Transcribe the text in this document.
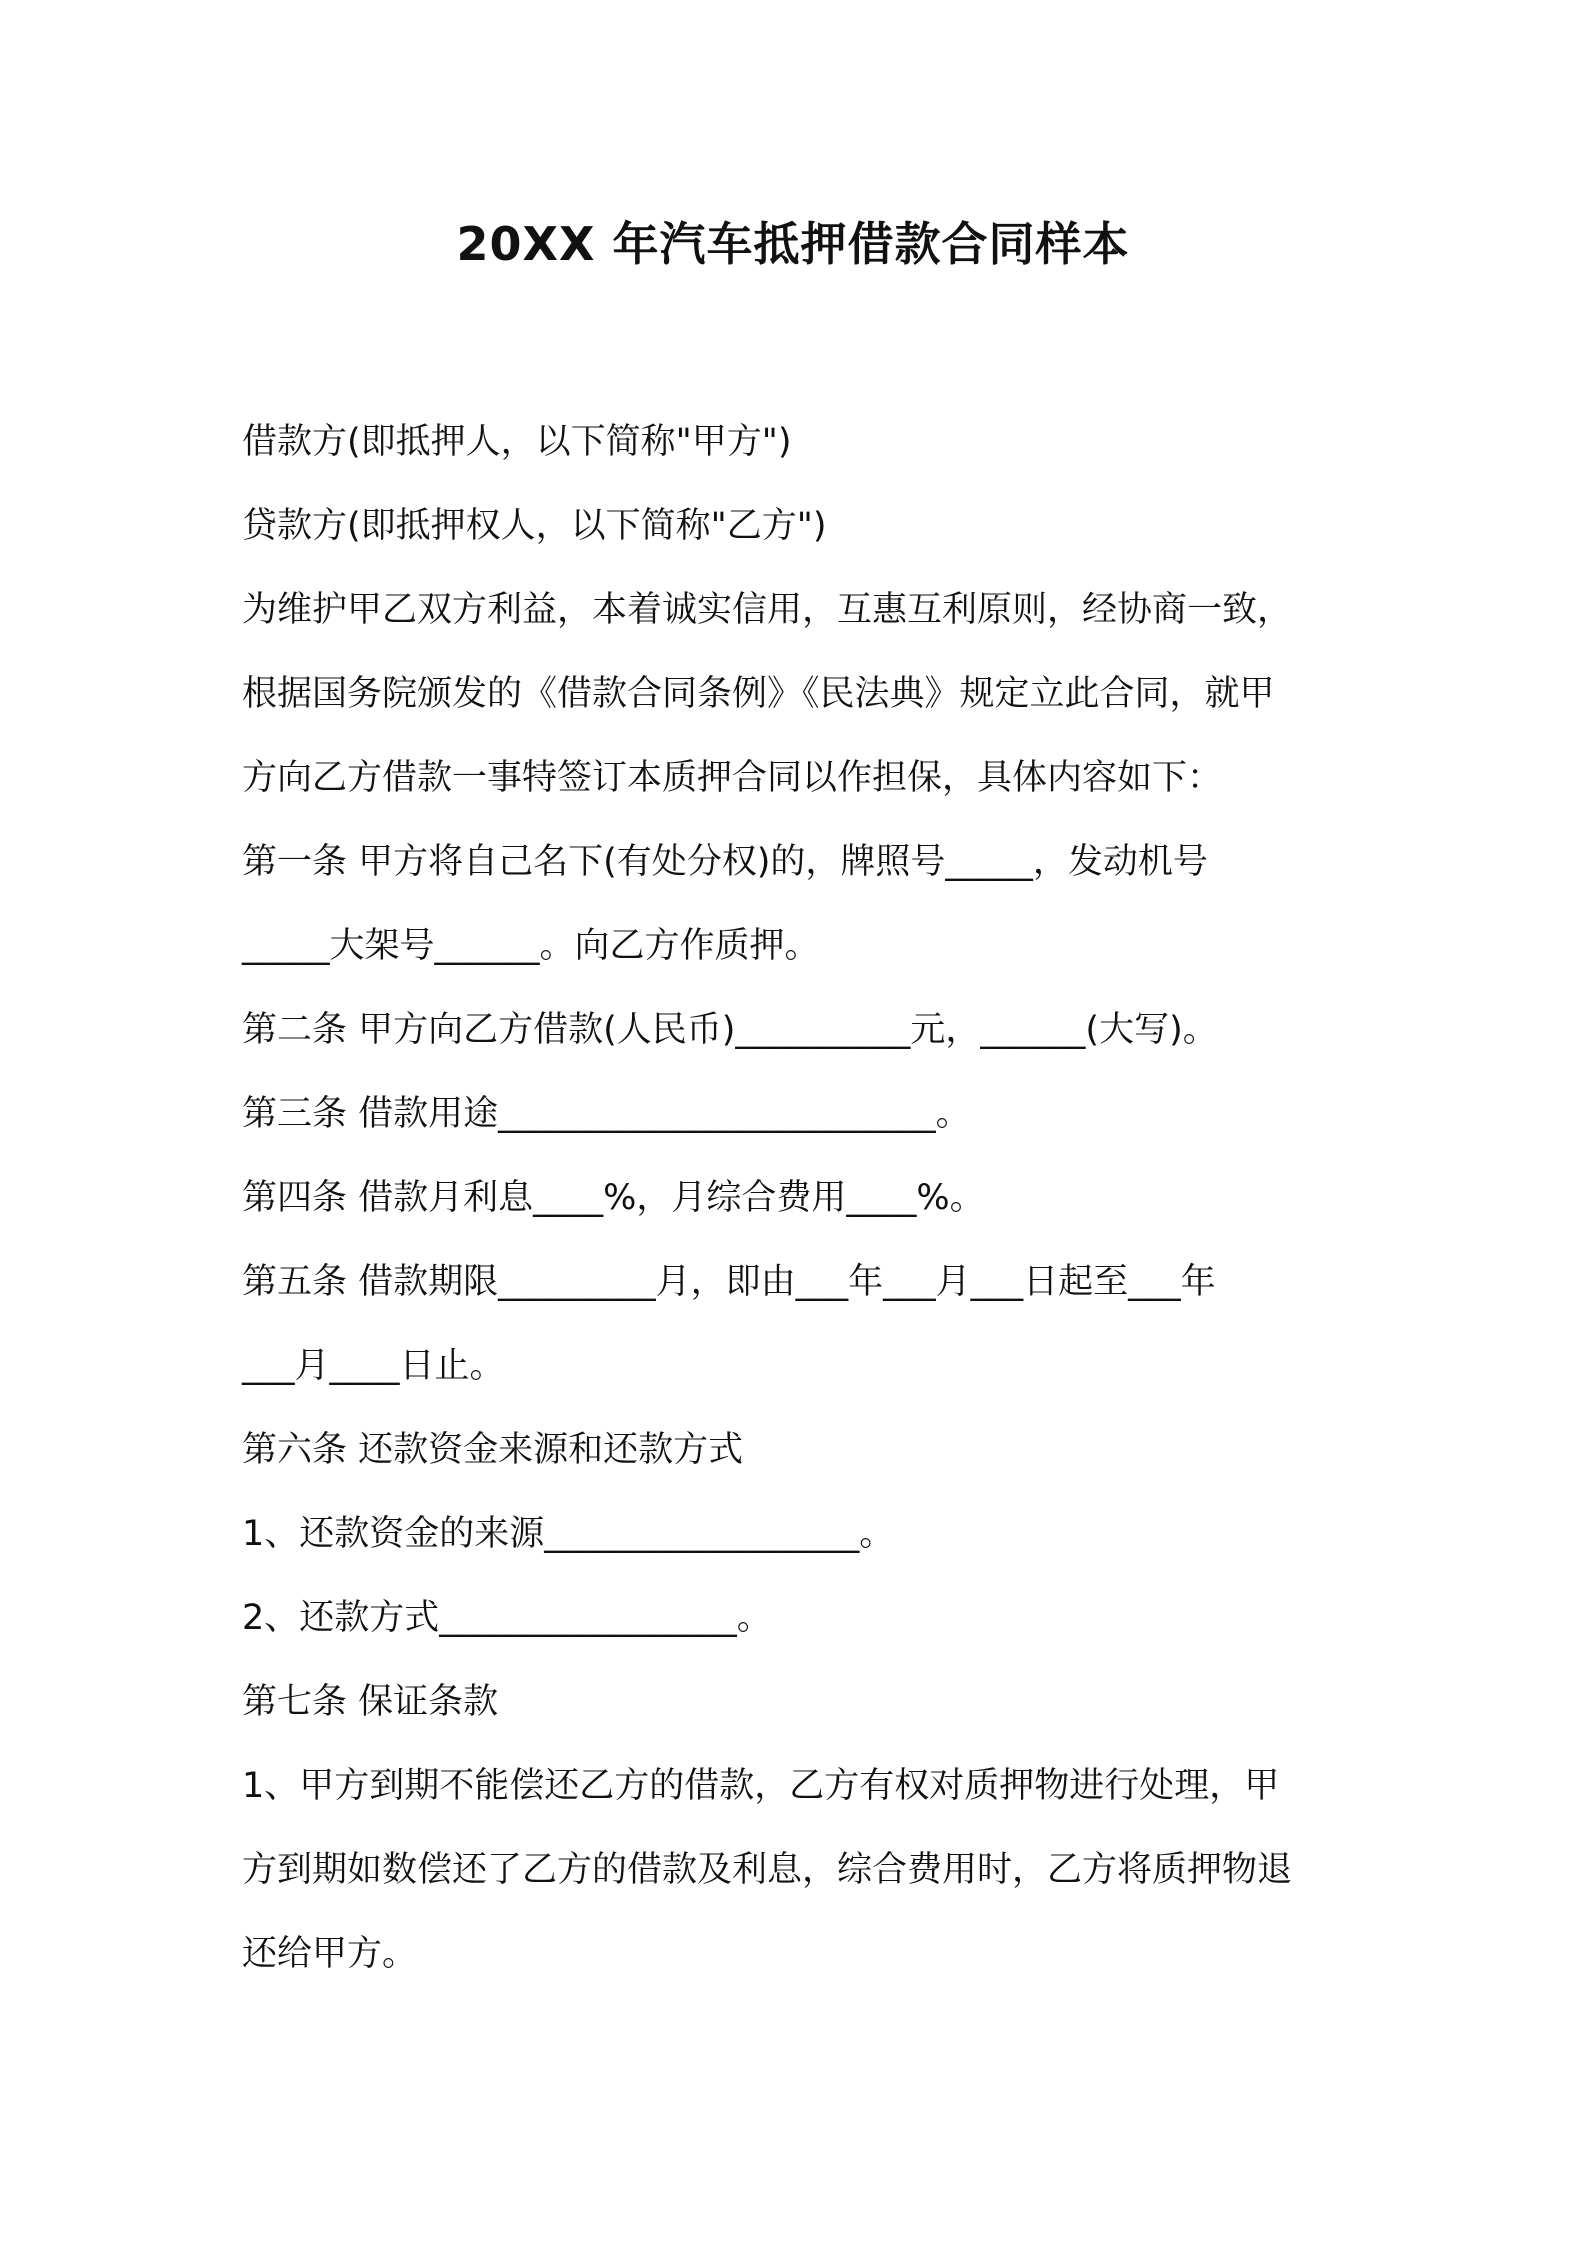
20XX 年汽车抵押借款合同样本
借款方(即抵押人，以下简称"甲方")
贷款方(即抵押权人，以下简称"乙方")
为维护甲乙双方利益，本着诚实信用，互惠互利原则，经协商一致，
根据国务院颁发的《借款合同条例》《民法典》规定立此合同，就甲
方向乙方借款一事特签订本质押合同以作担保，具体内容如下：
第一条 甲方将自己名下(有处分权)的，牌照号_____，发动机号
_____大架号______。向乙方作质押。
第二条 甲方向乙方借款(人民币)__________元，______(大写)。
第三条 借款用途_________________________。
第四条 借款月利息____%，月综合费用____%。
第五条 借款期限_________月，即由___年___月___日起至___年
___月____日止。
第六条 还款资金来源和还款方式
1、还款资金的来源__________________。
2、还款方式_________________。
第七条 保证条款
1、甲方到期不能偿还乙方的借款，乙方有权对质押物进行处理，甲
方到期如数偿还了乙方的借款及利息，综合费用时，乙方将质押物退
还给甲方。
